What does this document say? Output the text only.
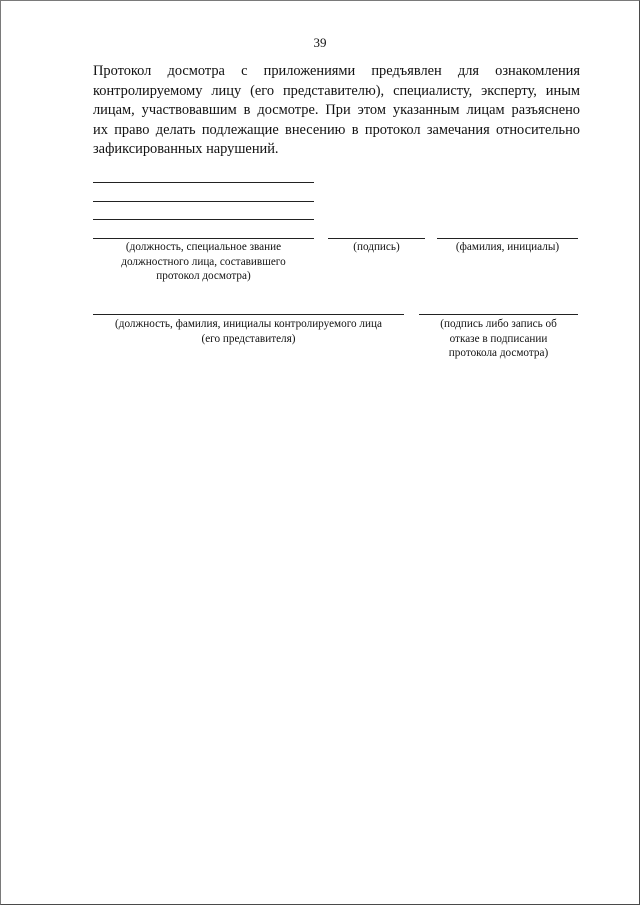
39
Протокол досмотра с приложениями предъявлен для ознакомления
контролируемому лицу (его представителю), специалисту, эксперту, иным
лицам, участвовавшим в досмотре. При этом указанным лицам разъяснено
их право делать подлежащие внесению в протокол замечания относительно
зафиксированных нарушений.
(должность, специальное звание
должностного лица, составившего
протокол досмотра)
(подпись)	(фамилия, инициалы)
(должность, фамилия, инициалы контролируемого лица
(его представителя)
(подпись либо запись об
отказе в подписании
протокола досмотра)
